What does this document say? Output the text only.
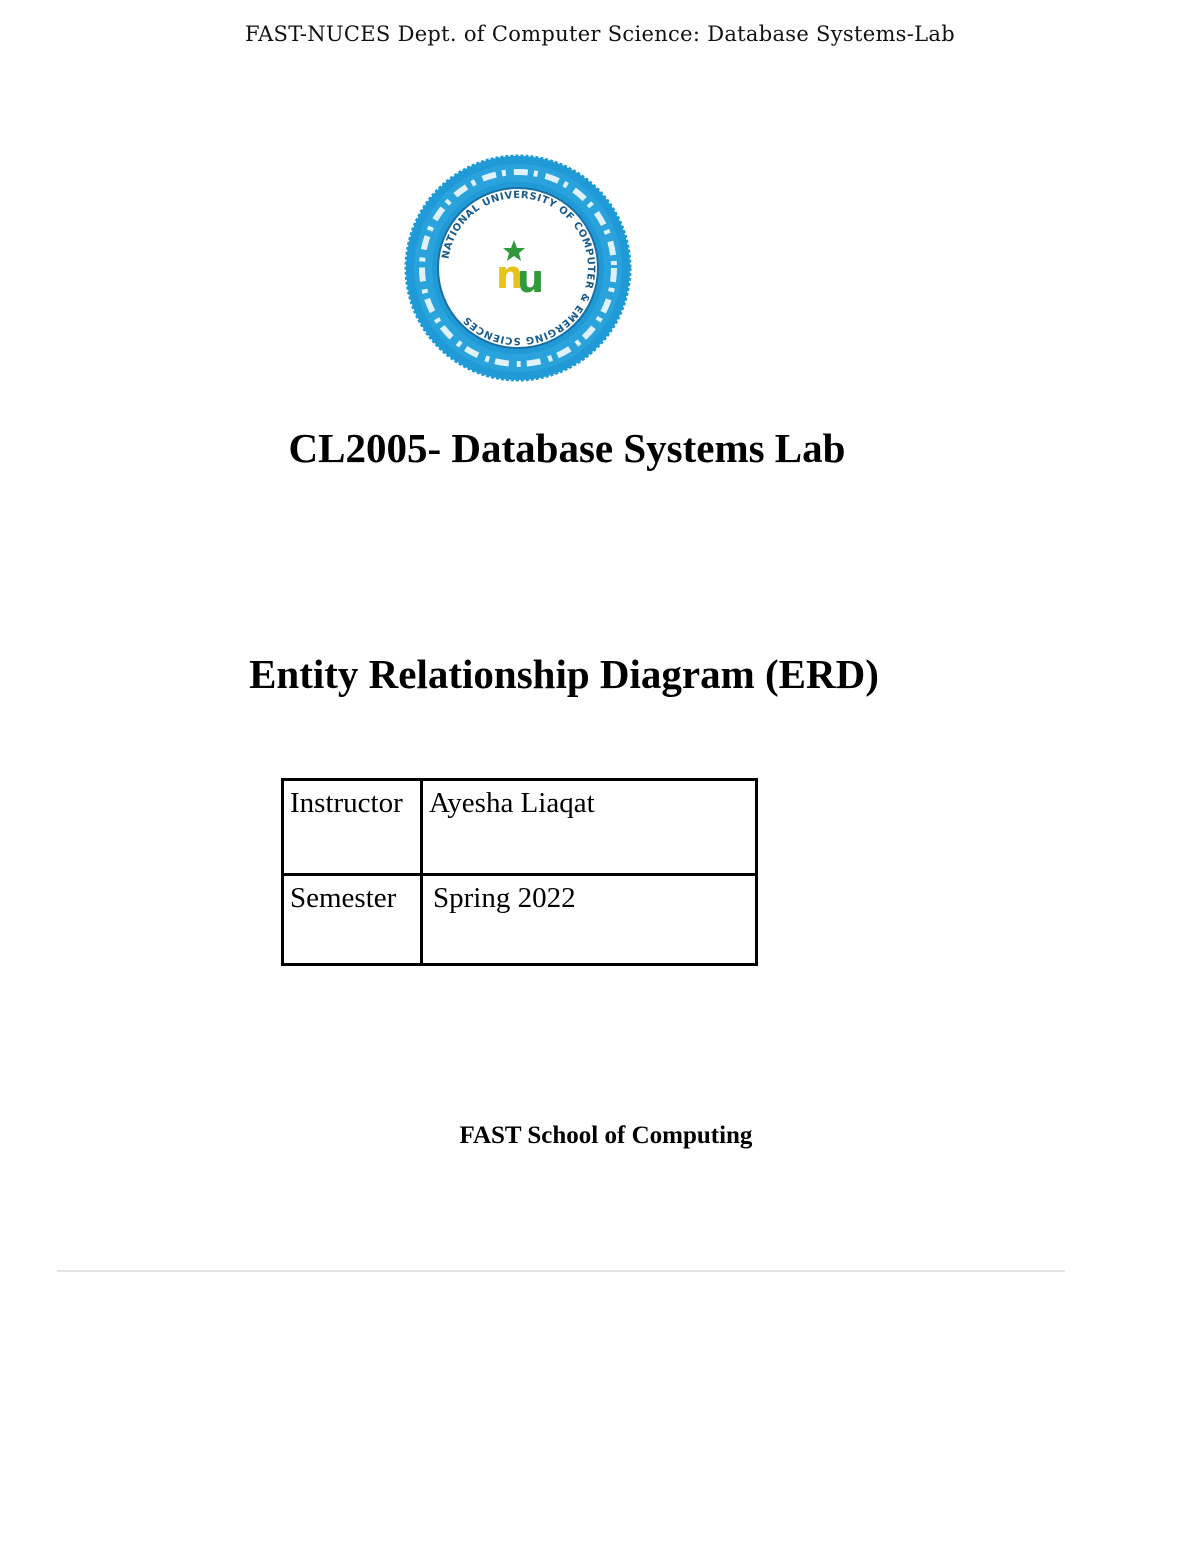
FAST-NUCES Dept. of Computer Science: Database Systems-Lab
NATIONAL UNIVERSITY OF COMPUTER & EMERGING SCIENCES
n
u
CL2005- Database Systems Lab
Entity Relationship Diagram (ERD)
Instructor	Ayesha Liaqat
Semester	Spring 2022
FAST School of Computing
